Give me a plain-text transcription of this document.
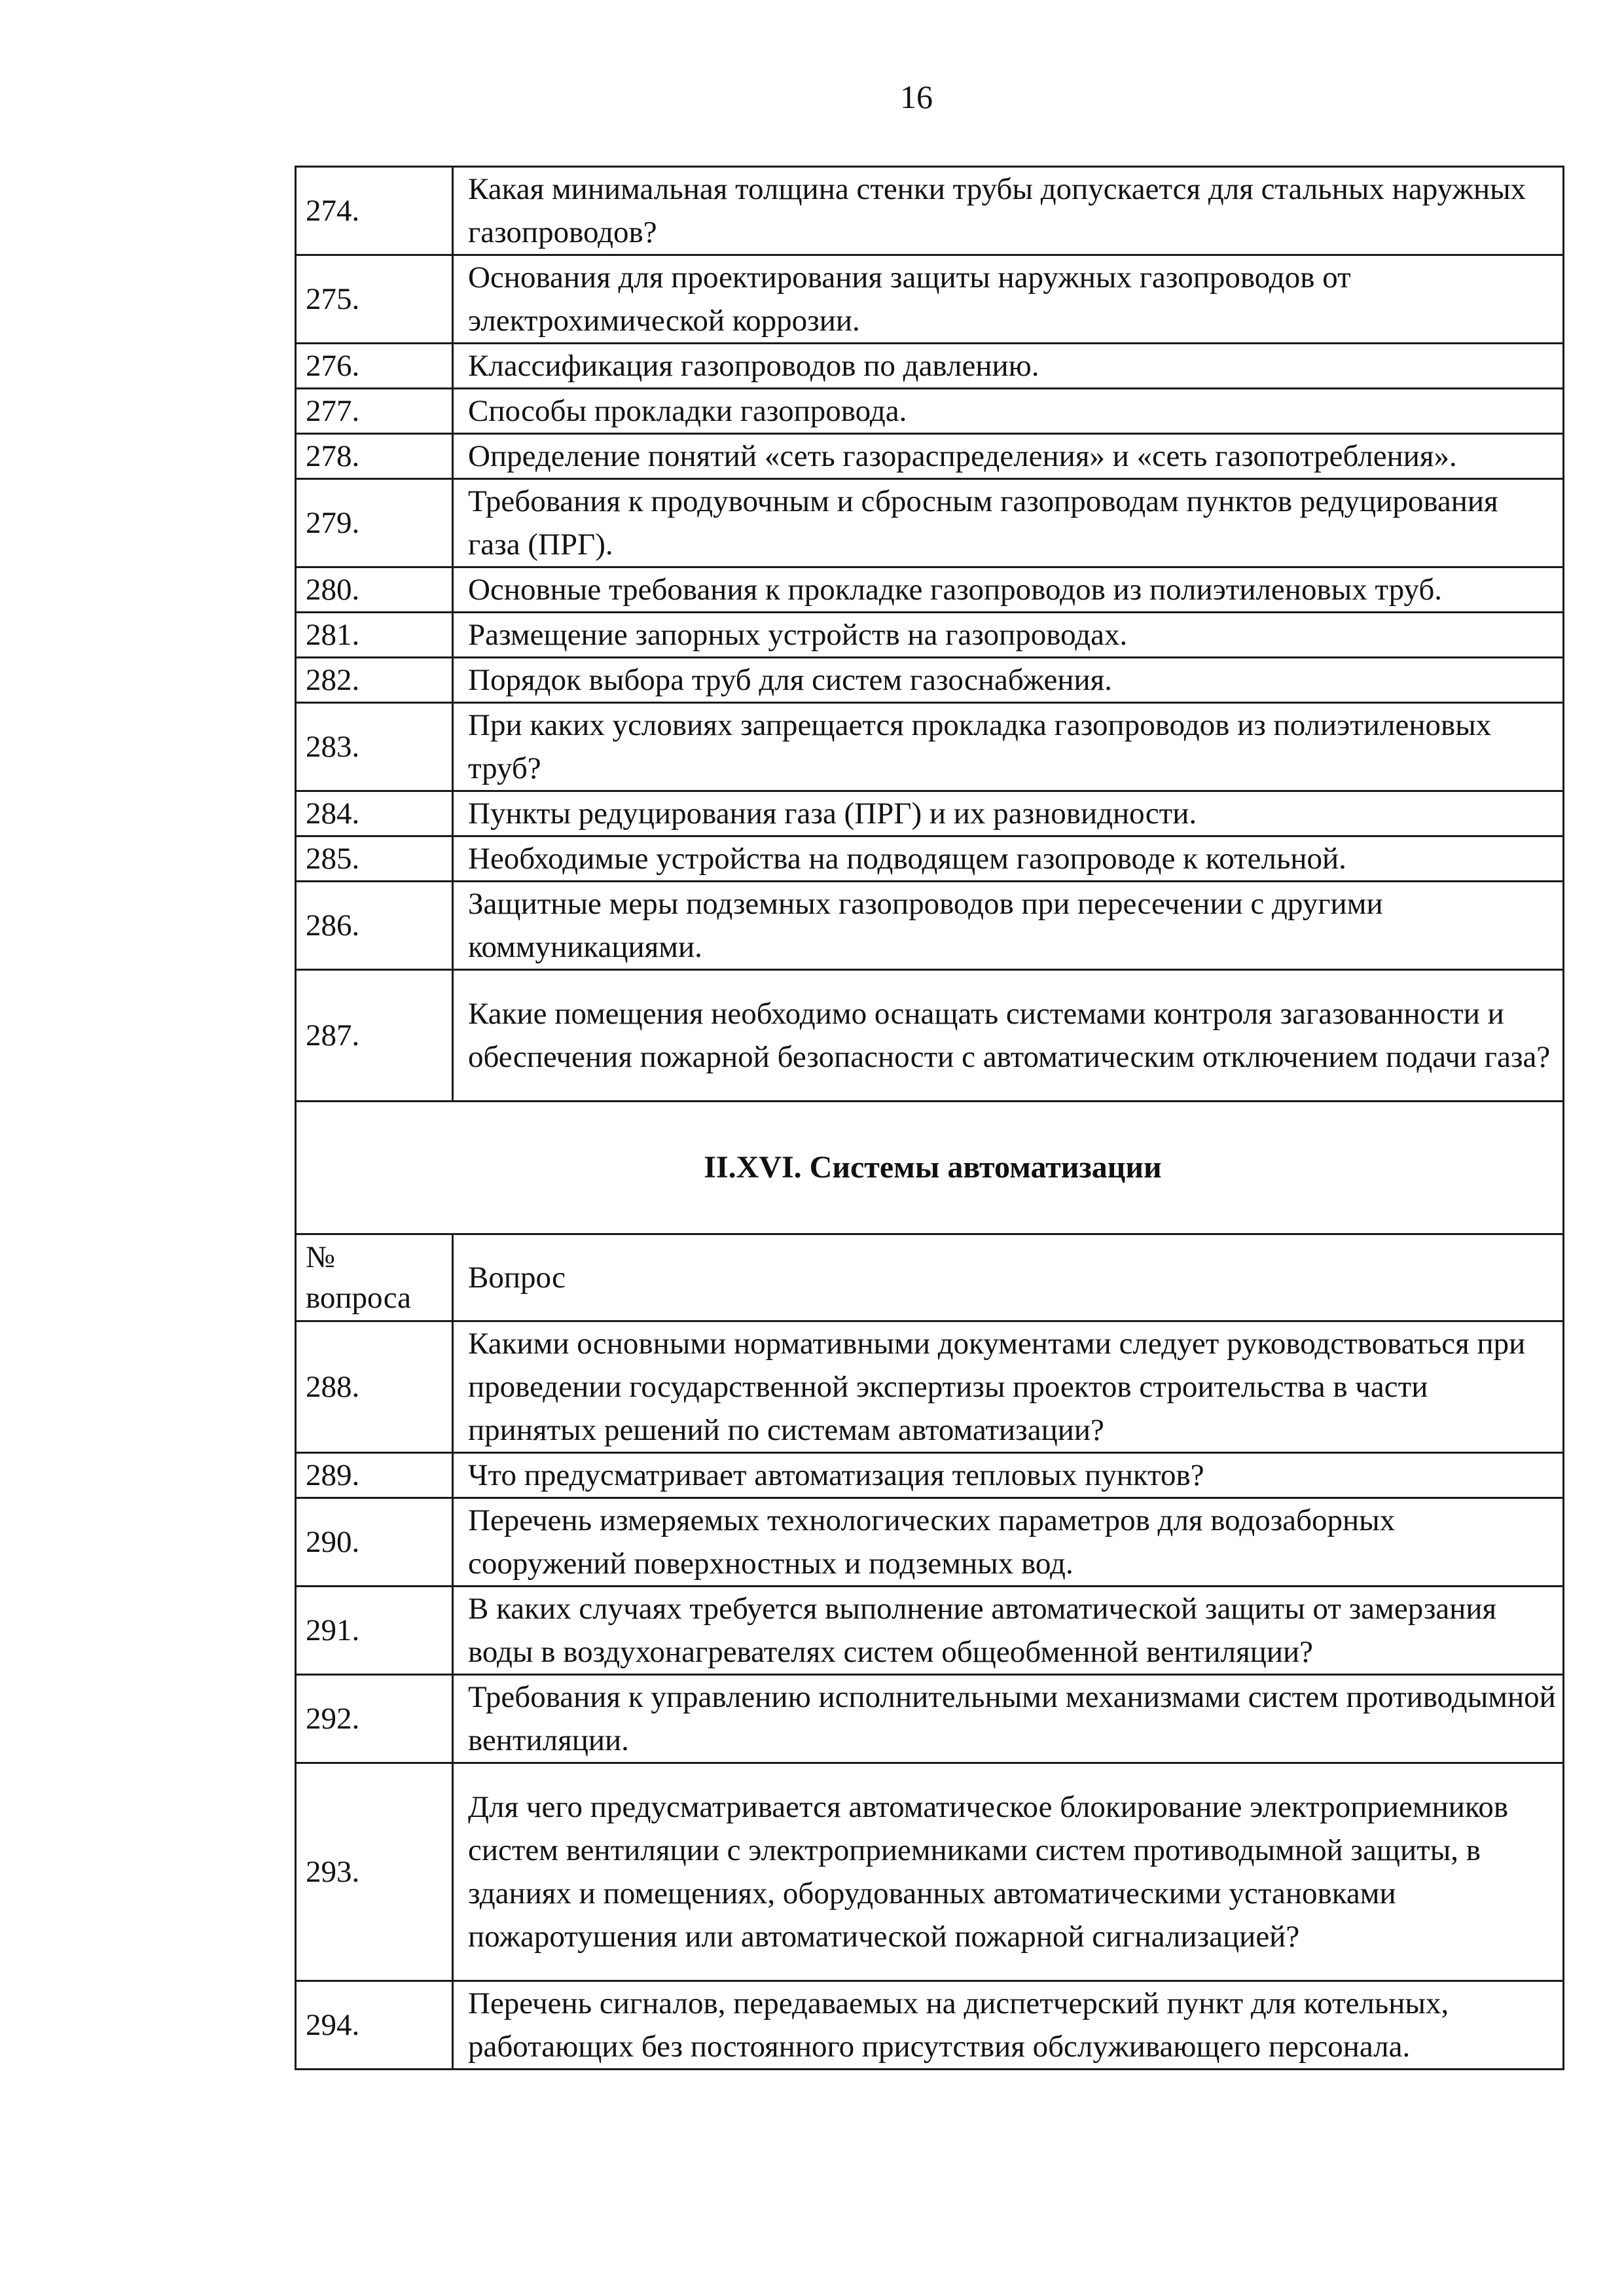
16
274.	Какая минимальная толщина стенки трубы допускается для стальных наружных газопроводов?
275.	Основания для проектирования защиты наружных газопроводов от электрохимической коррозии.
276.	Классификация газопроводов по давлению.
277.	Способы прокладки газопровода.
278.	Определение понятий «сеть газораспределения» и «сеть газопотребления».
279.	Требования к продувочным и сбросным газопроводам пунктов редуцирования газа (ПРГ).
280.	Основные требования к прокладке газопроводов из полиэтиленовых труб.
281.	Размещение запорных устройств на газопроводах.
282.	Порядок выбора труб для систем газоснабжения.
283.	При каких условиях запрещается прокладка газопроводов из полиэтиленовых труб?
284.	Пункты редуцирования газа (ПРГ) и их разновидности.
285.	Необходимые устройства на подводящем газопроводе к котельной.
286.	Защитные меры подземных газопроводов при пересечении с другими коммуникациями.
287.	Какие помещения необходимо оснащать системами контроля загазованности и обеспечения пожарной безопасности с автоматическим отключением подачи газа?
II.XVI. Системы автоматизации	
№ вопроса	Вопрос
288.	Какими основными нормативными документами следует руководствоваться при проведении государственной экспертизы проектов строительства в части принятых решений по системам автоматизации?
289.	Что предусматривает автоматизация тепловых пунктов?
290.	Перечень измеряемых технологических параметров для водозаборных сооружений поверхностных и подземных вод.
291.	В каких случаях требуется выполнение автоматической защиты от замерзания воды в воздухонагревателях систем общеобменной вентиляции?
292.	Требования к управлению исполнительными механизмами систем противодымной вентиляции.
293.	Для чего предусматривается автоматическое блокирование электроприемников систем вентиляции с электроприемниками систем противодымной защиты, в зданиях и помещениях, оборудованных автоматическими установками пожаротушения или автоматической пожарной сигнализацией?
294.	Перечень сигналов, передаваемых на диспетчерский пункт для котельных, работающих без постоянного присутствия обслуживающего персонала.
